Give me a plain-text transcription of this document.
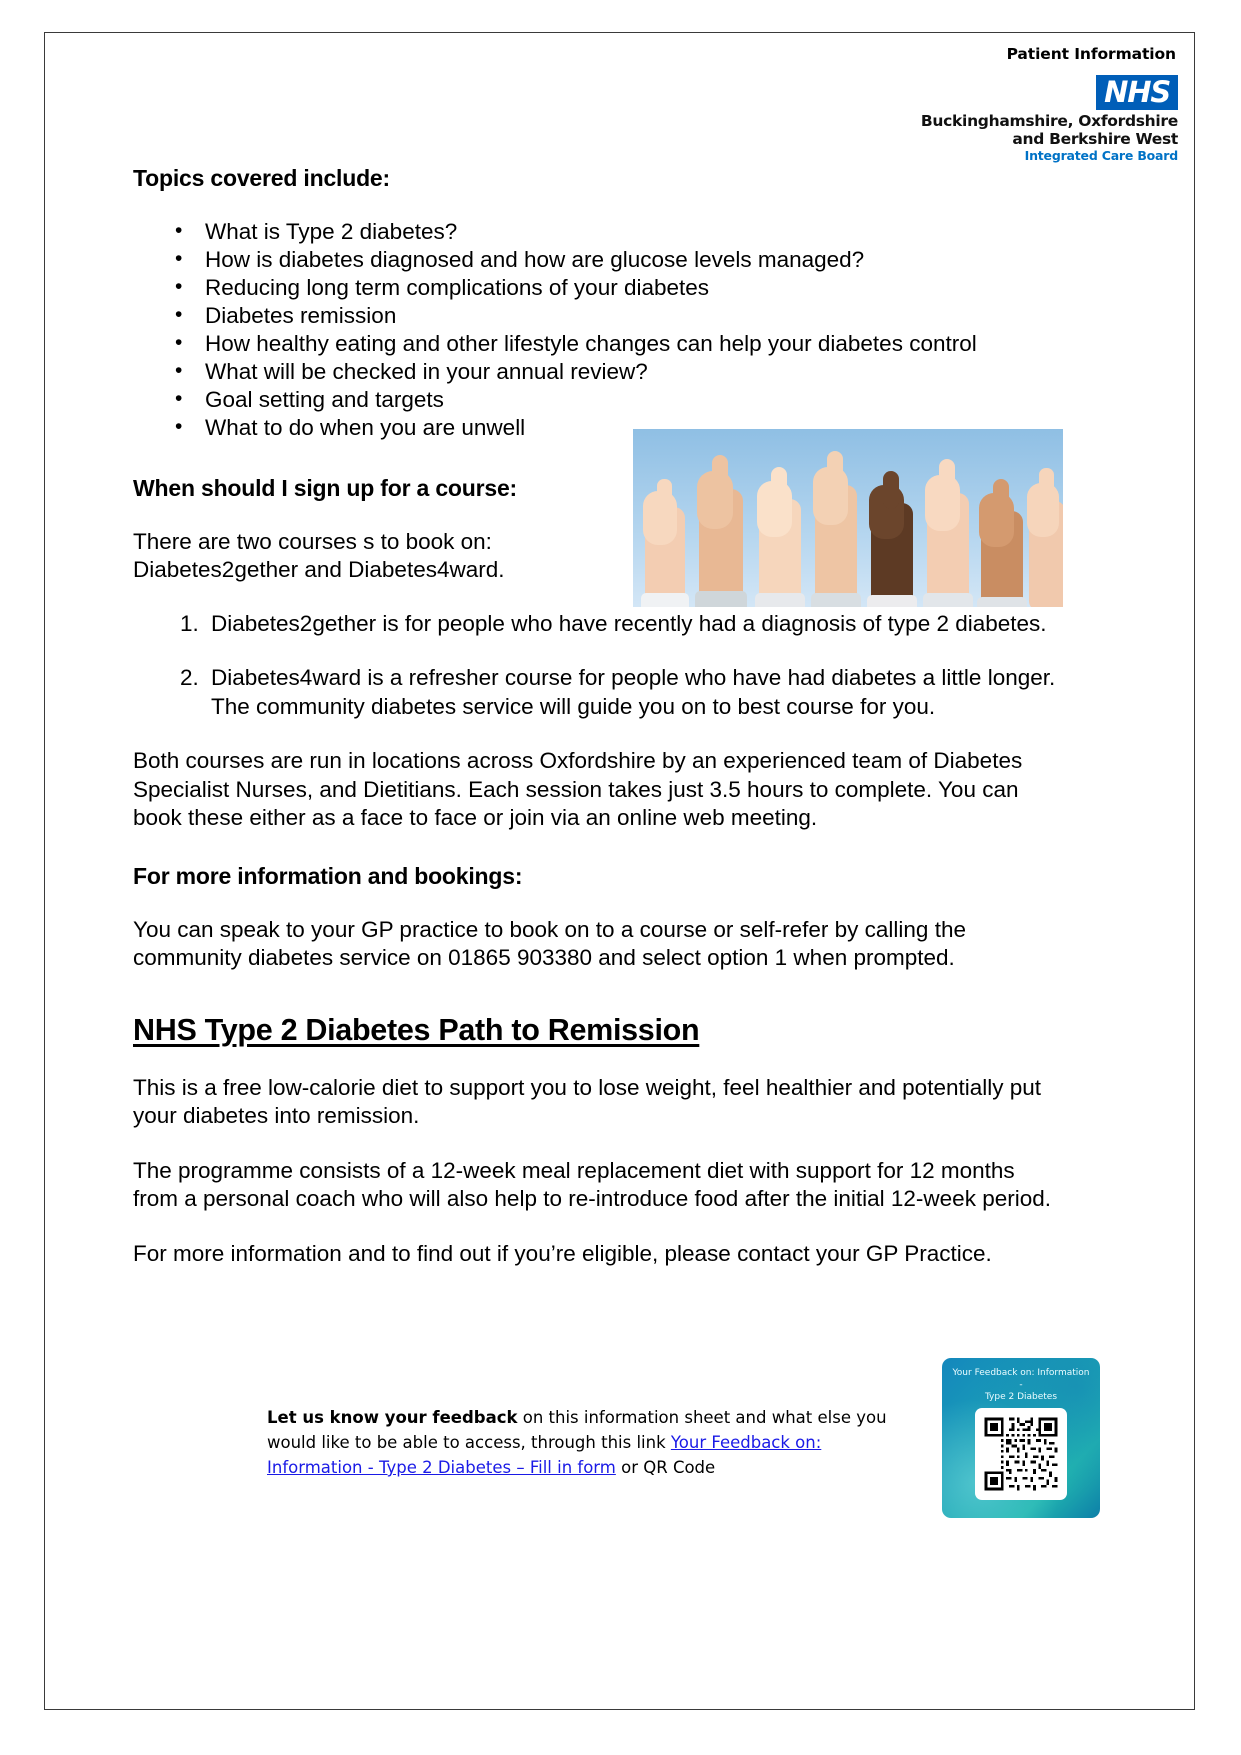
Patient Information
NHS
Buckinghamshire, Oxfordshire
and Berkshire West
Integrated Care Board
Topics covered include:
• What is Type 2 diabetes?
• How is diabetes diagnosed and how are glucose levels managed?
• Reducing long term complications of your diabetes
• Diabetes remission
• How healthy eating and other lifestyle changes can help your diabetes control
• What will be checked in your annual review?
• Goal setting and targets
• What to do when you are unwell
When should I sign up for a course:

There are two courses s to book on: Diabetes2gether and Diabetes4ward.

1. Diabetes2gether is for people who have recently had a diagnosis of type 2 diabetes.
2. Diabetes4ward is a refresher course for people who have had diabetes a little longer. The community diabetes service will guide you on to best course for you.

Both courses are run in locations across Oxfordshire by an experienced team of Diabetes Specialist Nurses, and Dietitians. Each session takes just 3.5 hours to complete. You can book these either as a face to face or join via an online web meeting.

For more information and bookings:

You can speak to your GP practice to book on to a course or self-refer by calling the community diabetes service on 01865 903380 and select option 1 when prompted.

NHS Type 2 Diabetes Path to Remission

This is a free low-calorie diet to support you to lose weight, feel healthier and potentially put your diabetes into remission.

The programme consists of a 12-week meal replacement diet with support for 12 months from a personal coach who will also help to re-introduce food after the initial 12-week period.

For more information and to find out if you’re eligible, please contact your GP Practice.

Let us know your feedback on this information sheet and what else you would like to be able to access, through this link Your Feedback on: Information - Type 2 Diabetes – Fill in form or QR Code
Your Feedback on: Information -
Type 2 Diabetes
